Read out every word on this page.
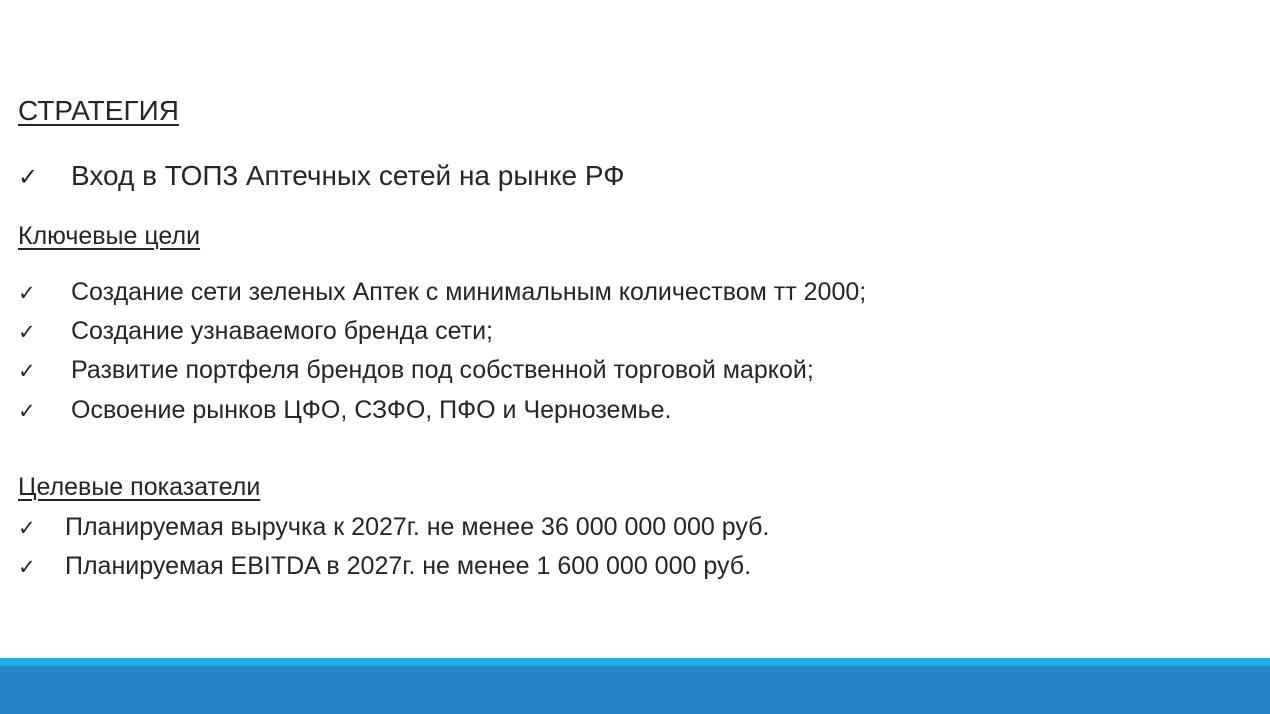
СТРАТЕГИЯ
✓	Вход в ТОП3 Аптечных сетей на рынке РФ
Ключевые цели
✓	Создание сети зеленых Аптек с минимальным количеством тт 2000;
✓	Создание узнаваемого бренда сети;
✓	Развитие портфеля брендов под собственной торговой маркой;
✓	Освоение рынков ЦФО, СЗФО, ПФО и Черноземье.
Целевые показатели
✓	Планируемая выручка к 2027г. не менее 36 000 000 000 руб.
✓	Планируемая EBITDA в 2027г. не менее 1 600 000 000 руб.
